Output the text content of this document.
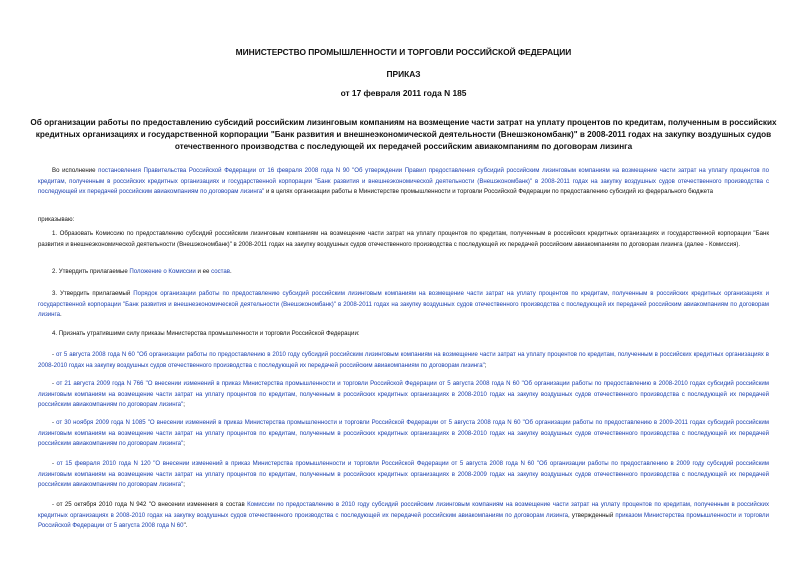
МИНИСТЕРСТВО ПРОМЫШЛЕННОСТИ И ТОРГОВЛИ РОССИЙСКОЙ ФЕДЕРАЦИИ
ПРИКАЗ
от 17 февраля 2011 года N 185
Об организации работы по предоставлению субсидий российским лизинговым компаниям на возмещение части затрат на уплату процентов по кредитам, полученным в российских кредитных организациях и государственной корпорации "Банк развития и внешнеэкономической деятельности (Внешэкономбанк)" в 2008-2011 годах на закупку воздушных судов отечественного производства с последующей их передачей российским авиакомпаниям по договорам лизинга
Во исполнение постановления Правительства Российской Федерации от 16 февраля 2008 года N 90 "Об утверждении Правил предоставления субсидий российским лизинговым компаниям на возмещение части затрат на уплату процентов по кредитам, полученным в российских кредитных организациях и государственной корпорации "Банк развития и внешнеэкономической деятельности (Внешэкономбанк)" в 2008-2011 годах на закупку воздушных судов отечественного производства с последующей их передачей российским авиакомпаниям по договорам лизинга" и в целях организации работы в Министерстве промышленности и торговли Российской Федерации по предоставлению субсидий из федерального бюджета
приказываю:
1. Образовать Комиссию по предоставлению субсидий российским лизинговым компаниям на возмещение части затрат на уплату процентов по кредитам, полученным в российских кредитных организациях и государственной корпорации "Банк развития и внешнеэкономической деятельности (Внешэкономбанк)" в 2008-2011 годах на закупку воздушных судов отечественного производства с последующей их передачей российским авиакомпаниям по договорам лизинга (далее - Комиссия).
2. Утвердить прилагаемые Положение о Комиссии и ее состав.
3. Утвердить прилагаемый Порядок организации работы по предоставлению субсидий российским лизинговым компаниям на возмещение части затрат на уплату процентов по кредитам, полученным в российских кредитных организациях и государственной корпорации "Банк развития и внешнеэкономической деятельности (Внешэкономбанк)" в 2008-2011 годах на закупку воздушных судов отечественного производства с последующей их передачей российским авиакомпаниям по договорам лизинга.
4. Признать утратившими силу приказы Министерства промышленности и торговли Российской Федерации:
- от 5 августа 2008 года N 60 "Об организации работы по предоставлению в 2010 году субсидий российским лизинговым компаниям на возмещение части затрат на уплату процентов по кредитам, полученным в российских кредитных организациях в 2008-2010 годах на закупку воздушных судов отечественного производства с последующей их передачей российским авиакомпаниям по договорам лизинга";
- от 21 августа 2009 года N 766 "О внесении изменений в приказ Министерства промышленности и торговли Российской Федерации от 5 августа 2008 года N 60 "Об организации работы по предоставлению в 2008-2010 годах субсидий российским лизинговым компаниям на возмещение части затрат на уплату процентов по кредитам, полученным в российских кредитных организациях в 2008-2010 годах на закупку воздушных судов отечественного производства с последующей их передачей российским авиакомпаниям по договорам лизинга";
- от 30 ноября 2009 года N 1085 "О внесении изменений в приказ Министерства промышленности и торговли Российской Федерации от 5 августа 2008 года N 60 "Об организации работы по предоставлению в 2009-2011 годах субсидий российским лизинговым компаниям на возмещение части затрат на уплату процентов по кредитам, полученным в российских кредитных организациях в 2008-2010 годах на закупку воздушных судов отечественного производства с последующей их передачей российским авиакомпаниям по договорам лизинга";
- от 15 февраля 2010 года N 120 "О внесении изменений в приказ Министерства промышленности и торговли Российской Федерации от 5 августа 2008 года N 60 "Об организации работы по предоставлению в 2009 году субсидий российским лизинговым компаниям на возмещение части затрат на уплату процентов по кредитам, полученным в российских кредитных организациях в 2008-2009 годах на закупку воздушных судов отечественного производства с последующей их передачей российским авиакомпаниям по договорам лизинга";
- от 25 октября 2010 года N 942 "О внесении изменения в состав Комиссии по предоставлению в 2010 году субсидий российским лизинговым компаниям на возмещение части затрат на уплату процентов по кредитам, полученным в российских кредитных организациях в 2008-2010 годах на закупку воздушных судов отечественного производства с последующей их передачей российским авиакомпаниям по договорам лизинга, утвержденный приказом Министерства промышленности и торговли Российской Федерации от 5 августа 2008 года N 60".
